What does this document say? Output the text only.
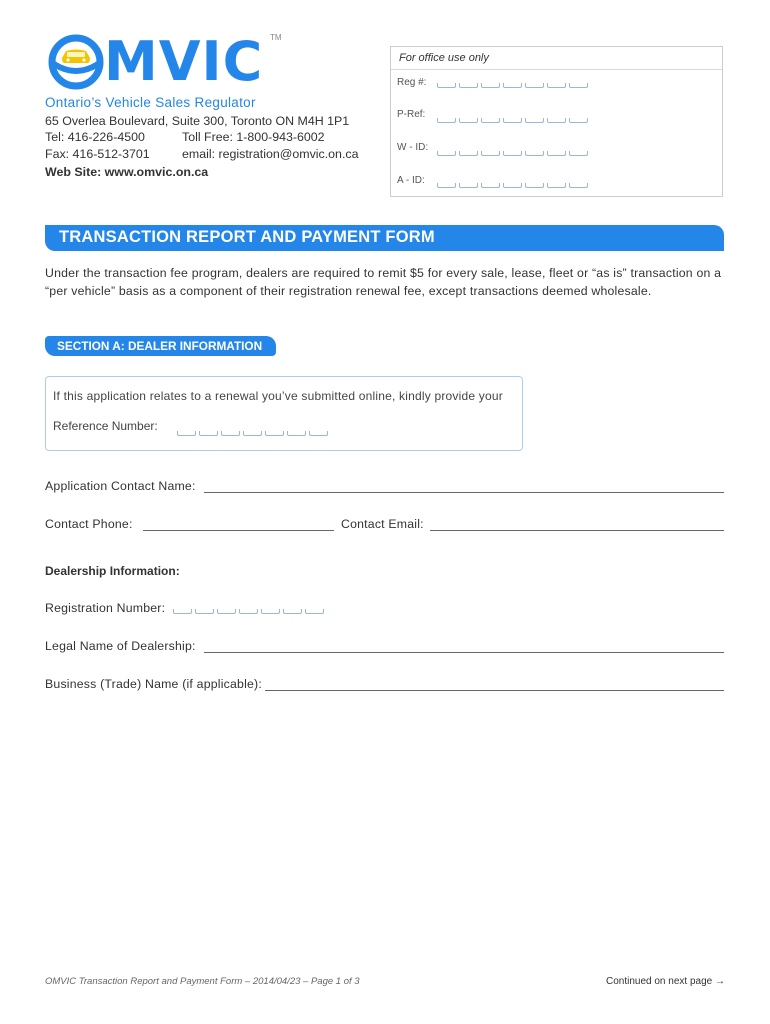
MVIC TM
Ontario’s Vehicle Sales Regulator
65 Overlea Boulevard, Suite 300, Toronto ON M4H 1P1
Tel: 416-226-4500	Toll Free: 1-800-943-6002
Fax: 416-512-3701	email: registration@omvic.on.ca
Web Site: www.omvic.on.ca
For office use only
Reg #:
P-Ref:
W - ID:
A - ID:
TRANSACTION REPORT AND PAYMENT FORM
Under the transaction fee program, dealers are required to remit $5 for every sale, lease, fleet or “as is” transaction on a “per vehicle” basis as a component of their registration renewal fee, except transactions deemed wholesale.
SECTION A: DEALER INFORMATION
If this application relates to a renewal you’ve submitted online, kindly provide your
Reference Number:
Application Contact Name:
Contact Phone:	Contact Email:
Dealership Information:
Registration Number:
Legal Name of Dealership:
Business (Trade) Name (if applicable):
OMVIC Transaction Report and Payment Form – 2014/04/23 – Page 1 of 3	Continued on next page →
